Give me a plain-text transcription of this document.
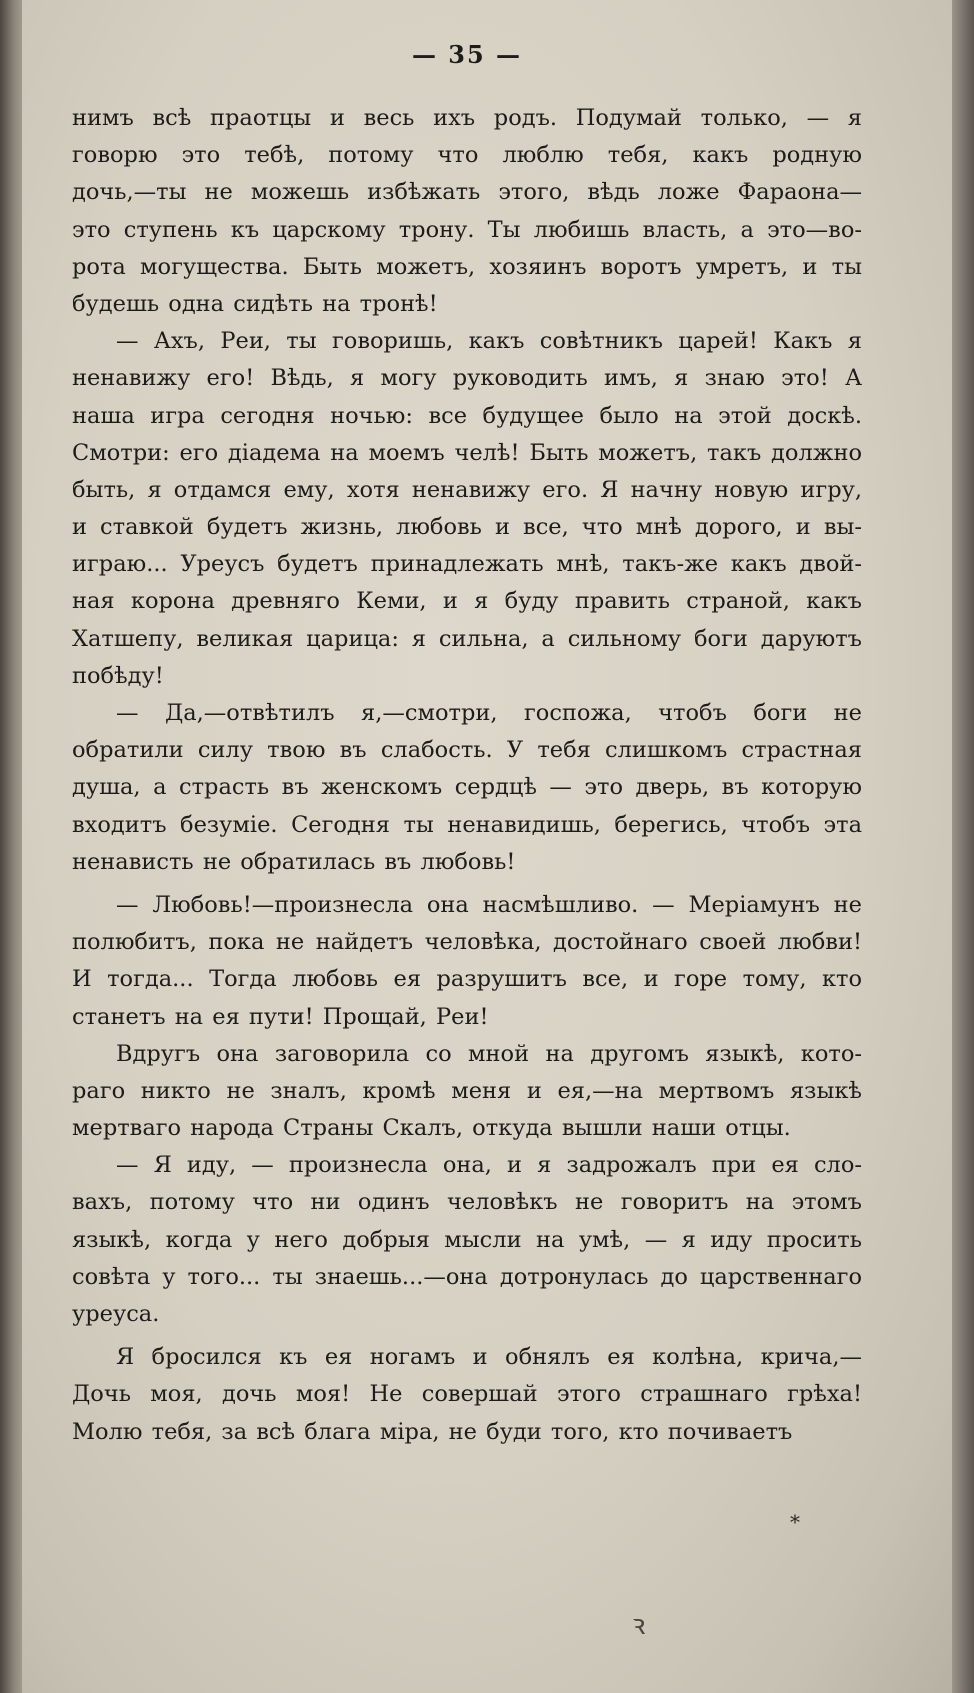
— 35 —
нимъ всѣ праотцы и весь ихъ родъ. Подумай только, — я
говорю это тебѣ, потому что люблю тебя, какъ родную
дочь,—ты не можешь избѣжать этого, вѣдь ложе Фараона—
это ступень къ царскому трону. Ты любишь власть, а это—во-
рота могущества. Быть можетъ, хозяинъ воротъ умретъ, и ты
будешь одна сидѣть на тронѣ!
— Ахъ, Реи, ты говоришь, какъ совѣтникъ царей! Какъ я
ненавижу его! Вѣдь, я могу руководить имъ, я знаю это! А
наша игра сегодня ночью: все будущее было на этой доскѣ.
Смотри: его діадема на моемъ челѣ! Быть можетъ, такъ должно
быть, я отдамся ему, хотя ненавижу его. Я начну новую игру,
и ставкой будетъ жизнь, любовь и все, что мнѣ дорого, и вы-
играю... Уреусъ будетъ принадлежать мнѣ, такъ-же какъ двой-
ная корона древняго Кеми, и я буду править страной, какъ
Хатшепу, великая царица: я сильна, а сильному боги даруютъ
побѣду!
— Да,—отвѣтилъ я,—смотри, госпожа, чтобъ боги не
обратили силу твою въ слабость. У тебя слишкомъ страстная
душа, а страсть въ женскомъ сердцѣ — это дверь, въ которую
входитъ безуміе. Сегодня ты ненавидишь, берегись, чтобъ эта
ненависть не обратилась въ любовь!
— Любовь!—произнесла она насмѣшливо. — Меріамунъ не
полюбитъ, пока не найдетъ человѣка, достойнаго своей любви!
И тогда... Тогда любовь ея разрушитъ все, и горе тому, кто
станетъ на ея пути! Прощай, Реи!
Вдругъ она заговорила со мной на другомъ языкѣ, кото-
раго никто не зналъ, кромѣ меня и ея,—на мертвомъ языкѣ
мертваго народа Страны Скалъ, откуда вышли наши отцы.
— Я иду, — произнесла она, и я задрожалъ при ея сло-
вахъ, потому что ни одинъ человѣкъ не говоритъ на этомъ
языкѣ, когда у него добрыя мысли на умѣ, — я иду просить
совѣта у того... ты знаешь...—она дотронулась до царственнаго
уреуса.
Я бросился къ ея ногамъ и обнялъ ея колѣна, крича,—
Дочь моя, дочь моя! Не совершай этого страшнаго грѣха!
Молю тебя, за всѣ блага міра, не буди того, кто почиваетъ
*
ꝛ
